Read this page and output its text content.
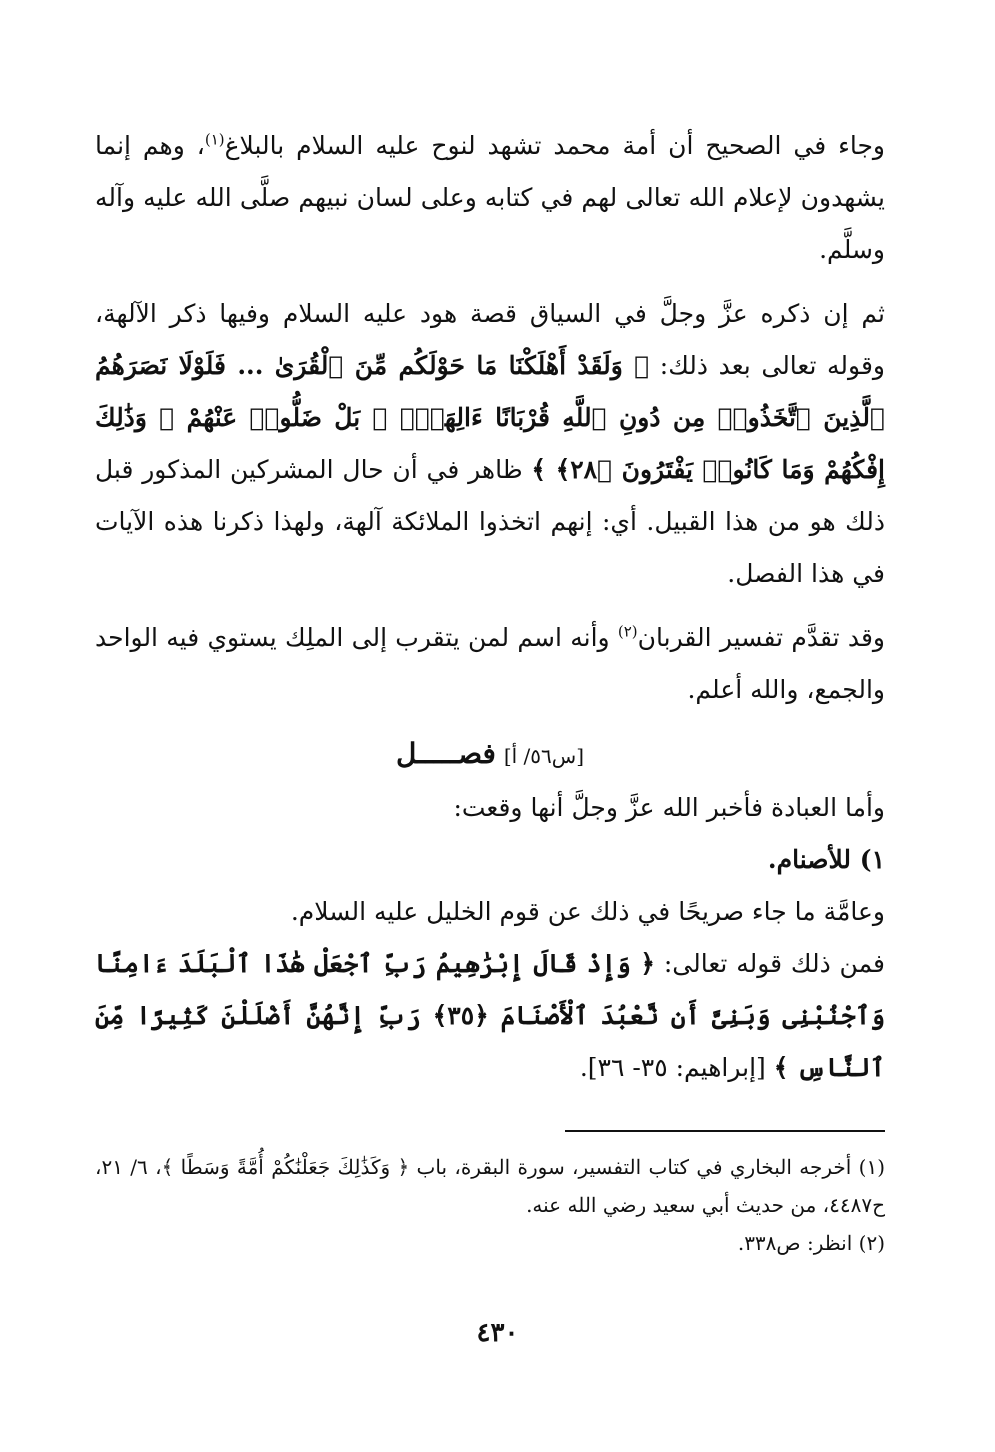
وجاء في الصحيح أن أمة محمد تشهد لنوح عليه السلام بالبلاغ$^{(١)}$، وهم إنما يشهدون لإعلام الله تعالى لهم في كتابه وعلى لسان نبيهم صلَّى الله عليه وآله وسلَّم.

ثم إن ذكره عزَّ وجلَّ في السياق قصة هود عليه السلام وفيها ذكر الآلهة، وقوله تعالى بعد ذلك: ﴿ وَلَقَدْ أَهْلَكْنَا مَا حَوْلَكُم مِّنَ ٱلْقُرَىٰ ... فَلَوْلَا نَصَرَهُمُ ٱلَّذِينَ ٱتَّخَذُوا۟ مِن دُونِ ٱللَّهِ قُرْبَانًا ءَالِهَةًۢ ۖ بَلْ ضَلُّوا۟ عَنْهُمْ ۚ وَذَٰلِكَ إِفْكُهُمْ وَمَا كَانُوا۟ يَفْتَرُونَ ﴿٢٨﴾ ﴾ ظاهر في أن حال المشركين المذكور قبل ذلك هو من هذا القبيل. أي: إنهم اتخذوا الملائكة آلهة، ولهذا ذكرنا هذه الآيات في هذا الفصل.

وقد تقدَّم تفسير القربان$^{(٢)}$ وأنه اسم لمن يتقرب إلى الملِك يستوي فيه الواحد والجمع، والله أعلم.

[س٥٦/ أ] فصـــــل

وأما العبادة فأخبر الله عزَّ وجلَّ أنها وقعت:

١) للأصنام.

وعامَّة ما جاء صريحًا في ذلك عن قوم الخليل عليه السلام.

فمن ذلك قوله تعالى: ﴿ وَإِذْ قَالَ إِبْرَٰهِيمُ رَبِّ ٱجْعَلْ هَٰذَا ٱلْبَلَدَ ءَامِنًا وَٱجْنُبْنِى وَبَنِىَّ أَن نَّعْبُدَ ٱلْأَصْنَامَ ﴿٣٥﴾ رَبِّ إِنَّهُنَّ أَضْلَلْنَ كَثِيرًا مِّنَ ٱلنَّاسِ ﴾ [إبراهيم: ٣٥- ٣٦].

(١) أخرجه البخاري في كتاب التفسير، سورة البقرة، باب ﴿ وَكَذَٰلِكَ جَعَلْنَٰكُمْ أُمَّةً وَسَطًا ﴾، ٦/ ٢١، ح٤٤٨٧، من حديث أبي سعيد رضي الله عنه.

(٢) انظر: ص٣٣٨.

٤٣٠
